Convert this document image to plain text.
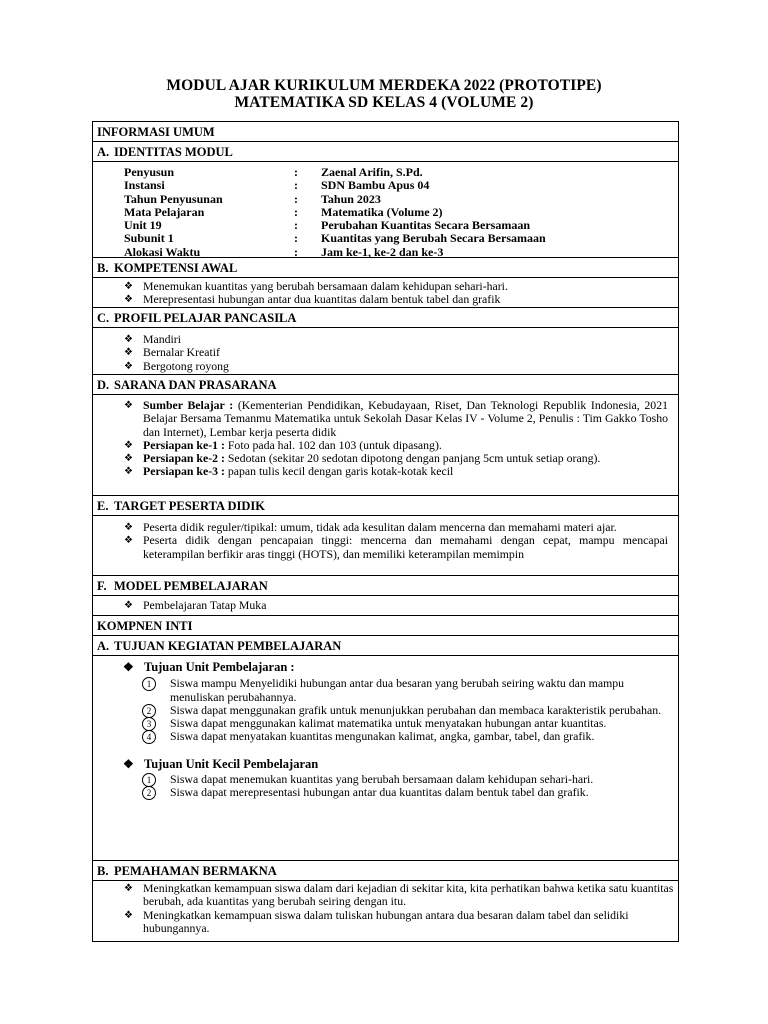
MODUL AJAR KURIKULUM MERDEKA 2022 (PROTOTIPE)
MATEMATIKA SD KELAS 4 (VOLUME 2)
INFORMASI UMUM
A. IDENTITAS MODUL
Penyusun	:	Zaenal Arifin, S.Pd.
Instansi	:	SDN Bambu Apus 04
Tahun Penyusunan	:	Tahun 2023
Mata Pelajaran	:	Matematika (Volume 2)
Unit 19	:	Perubahan Kuantitas Secara Bersamaan
Subunit 1	:	Kuantitas yang Berubah Secara Bersamaan
Alokasi Waktu	:	Jam ke-1, ke-2 dan ke-3
B. KOMPETENSI AWAL
❖ Menemukan kuantitas yang berubah bersamaan dalam kehidupan sehari-hari.
❖ Merepresentasi hubungan antar dua kuantitas dalam bentuk tabel dan grafik
C. PROFIL PELAJAR PANCASILA
❖ Mandiri
❖ Bernalar Kreatif
❖ Bergotong royong
D. SARANA DAN PRASARANA
❖ Sumber Belajar : (Kementerian Pendidikan, Kebudayaan, Riset, Dan Teknologi Republik Indonesia, 2021 Belajar Bersama Temanmu Matematika untuk Sekolah Dasar Kelas IV - Volume 2, Penulis : Tim Gakko Tosho dan Internet), Lembar kerja peserta didik
❖ Persiapan ke-1 : Foto pada hal. 102 dan 103 (untuk dipasang).
❖ Persiapan ke-2 : Sedotan (sekitar 20 sedotan dipotong dengan panjang 5cm untuk setiap orang).
❖ Persiapan ke-3 : papan tulis kecil dengan garis kotak-kotak kecil
E. TARGET PESERTA DIDIK
❖ Peserta didik reguler/tipikal: umum, tidak ada kesulitan dalam mencerna dan memahami materi ajar.
❖ Peserta didik dengan pencapaian tinggi: mencerna dan memahami dengan cepat, mampu mencapai keterampilan berfikir aras tinggi (HOTS), dan memiliki keterampilan memimpin
F. MODEL PEMBELAJARAN
❖ Pembelajaran Tatap Muka
KOMPNEN INTI
A. TUJUAN KEGIATAN PEMBELAJARAN
❖ Tujuan Unit Pembelajaran :
1	Siswa mampu Menyelidiki hubungan antar dua besaran yang berubah seiring waktu dan mampu menuliskan perubahannya.
2	Siswa dapat menggunakan grafik untuk menunjukkan perubahan dan membaca karakteristik perubahan.
3	Siswa dapat menggunakan kalimat matematika untuk menyatakan hubungan antar kuantitas.
4	Siswa dapat menyatakan kuantitas mengunakan kalimat, angka, gambar, tabel, dan grafik.
❖ Tujuan Unit Kecil Pembelajaran
1	Siswa dapat menemukan kuantitas yang berubah bersamaan dalam kehidupan sehari-hari.
2	Siswa dapat merepresentasi hubungan antar dua kuantitas dalam bentuk tabel dan grafik.
B. PEMAHAMAN BERMAKNA
❖ Meningkatkan kemampuan siswa dalam dari kejadian di sekitar kita, kita perhatikan bahwa ketika satu kuantitas berubah, ada kuantitas yang berubah seiring dengan itu.
❖ Meningkatkan kemampuan siswa dalam tuliskan hubungan antara dua besaran dalam tabel dan selidiki hubungannya.
